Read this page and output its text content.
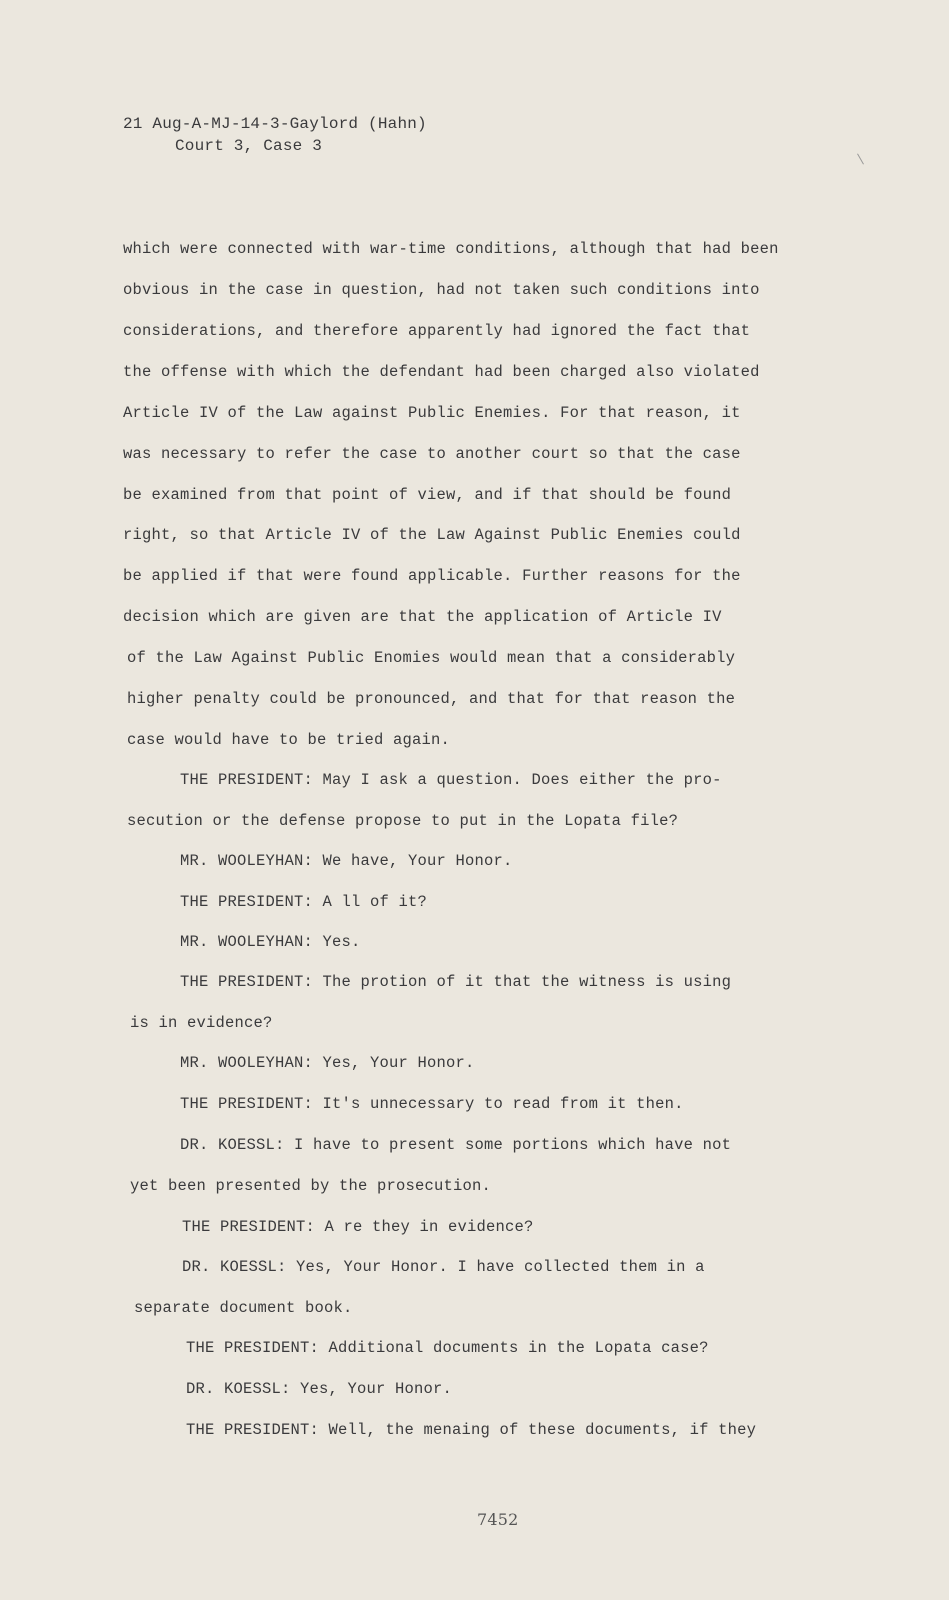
21 Aug-A-MJ-14-3-Gaylord (Hahn)
Court 3, Case 3
which were connected with war-time conditions, although that had been
obvious in the case in question, had not taken such conditions into
considerations, and therefore apparently had ignored the fact that
the offense with which the defendant had been charged also violated
Article IV of the Law against Public Enemies. For that reason, it
was necessary to refer the case to another court so that the case
be examined from that point of view, and if that should be found
right, so that Article IV of the Law Against Public Enemies could
be applied if that were found applicable. Further reasons for the
decision which are given are that the application of Article IV
of the Law Against Public Enomies would mean that a considerably
higher penalty could be pronounced, and that for that reason the
case would have to be tried again.
THE PRESIDENT: May I ask a question. Does either the pro-
secution or the defense propose to put in the Lopata file?
MR. WOOLEYHAN: We have, Your Honor.
THE PRESIDENT: A ll of it?
MR. WOOLEYHAN: Yes.
THE PRESIDENT: The protion of it that the witness is using
is in evidence?
MR. WOOLEYHAN: Yes, Your Honor.
THE PRESIDENT: It's unnecessary to read from it then.
DR. KOESSL: I have to present some portions which have not
yet been presented by the prosecution.
THE PRESIDENT: A re they in evidence?
DR. KOESSL: Yes, Your Honor. I have collected them in a
separate document book.
THE PRESIDENT: Additional documents in the Lopata case?
DR. KOESSL: Yes, Your Honor.
THE PRESIDENT: Well, the menaing of these documents, if they
7452
